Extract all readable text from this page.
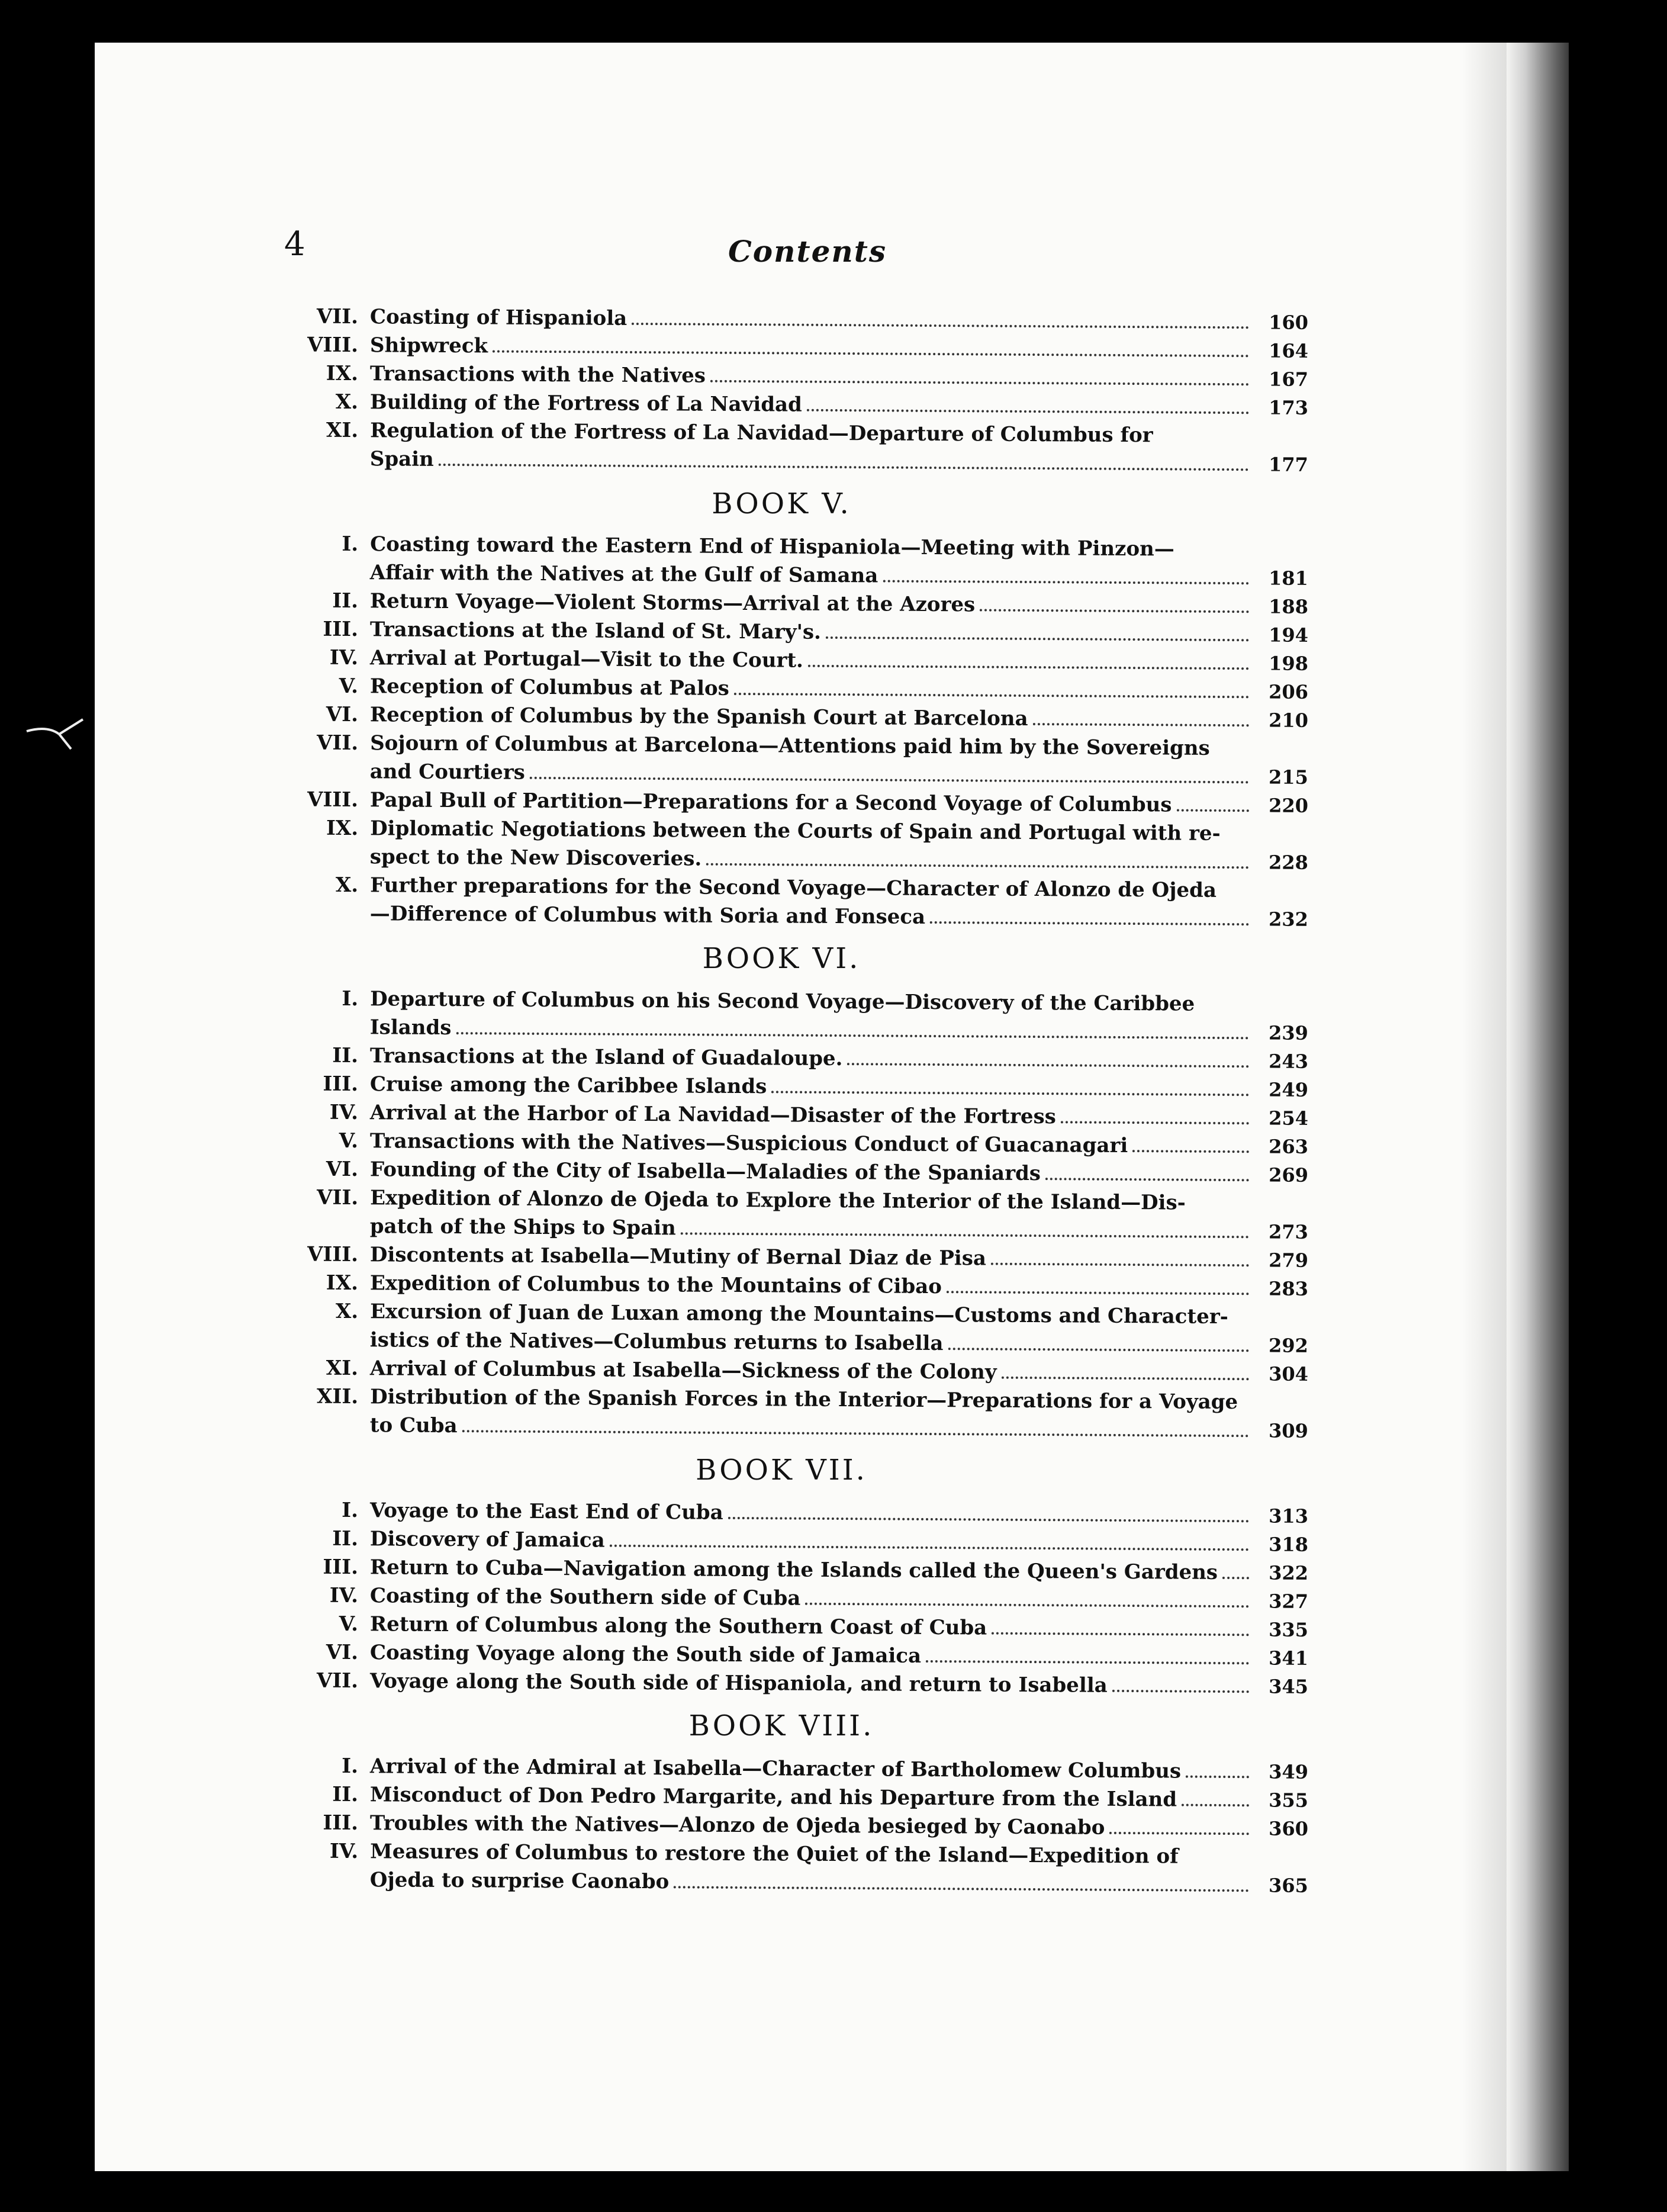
4	Contents
VII. Coasting of Hispaniola	160
VIII. Shipwreck	164
IX. Transactions with the Natives	167
X. Building of the Fortress of La Navidad	173
XI. Regulation of the Fortress of La Navidad—Departure of Columbus for
Spain	177
BOOK V.
I. Coasting toward the Eastern End of Hispaniola—Meeting with Pinzon—
Affair with the Natives at the Gulf of Samana	181
II. Return Voyage—Violent Storms—Arrival at the Azores	188
III. Transactions at the Island of St. Mary's.	194
IV. Arrival at Portugal—Visit to the Court.	198
V. Reception of Columbus at Palos	206
VI. Reception of Columbus by the Spanish Court at Barcelona	210
VII. Sojourn of Columbus at Barcelona—Attentions paid him by the Sovereigns
and Courtiers	215
VIII. Papal Bull of Partition—Preparations for a Second Voyage of Columbus	220
IX. Diplomatic Negotiations between the Courts of Spain and Portugal with re-
spect to the New Discoveries.	228
X. Further preparations for the Second Voyage—Character of Alonzo de Ojeda
—Difference of Columbus with Soria and Fonseca	232
BOOK VI.
I. Departure of Columbus on his Second Voyage—Discovery of the Caribbee
Islands	239
II. Transactions at the Island of Guadaloupe.	243
III. Cruise among the Caribbee Islands	249
IV. Arrival at the Harbor of La Navidad—Disaster of the Fortress	254
V. Transactions with the Natives—Suspicious Conduct of Guacanagari	263
VI. Founding of the City of Isabella—Maladies of the Spaniards	269
VII. Expedition of Alonzo de Ojeda to Explore the Interior of the Island—Dis-
patch of the Ships to Spain	273
VIII. Discontents at Isabella—Mutiny of Bernal Diaz de Pisa	279
IX. Expedition of Columbus to the Mountains of Cibao	283
X. Excursion of Juan de Luxan among the Mountains—Customs and Character-
istics of the Natives—Columbus returns to Isabella	292
XI. Arrival of Columbus at Isabella—Sickness of the Colony	304
XII. Distribution of the Spanish Forces in the Interior—Preparations for a Voyage
to Cuba	309
BOOK VII.
I. Voyage to the East End of Cuba	313
II. Discovery of Jamaica	318
III. Return to Cuba—Navigation among the Islands called the Queen's Gardens	322
IV. Coasting of the Southern side of Cuba	327
V. Return of Columbus along the Southern Coast of Cuba	335
VI. Coasting Voyage along the South side of Jamaica	341
VII. Voyage along the South side of Hispaniola, and return to Isabella	345
BOOK VIII.
I. Arrival of the Admiral at Isabella—Character of Bartholomew Columbus	349
II. Misconduct of Don Pedro Margarite, and his Departure from the Island	355
III. Troubles with the Natives—Alonzo de Ojeda besieged by Caonabo	360
IV. Measures of Columbus to restore the Quiet of the Island—Expedition of
Ojeda to surprise Caonabo	365
